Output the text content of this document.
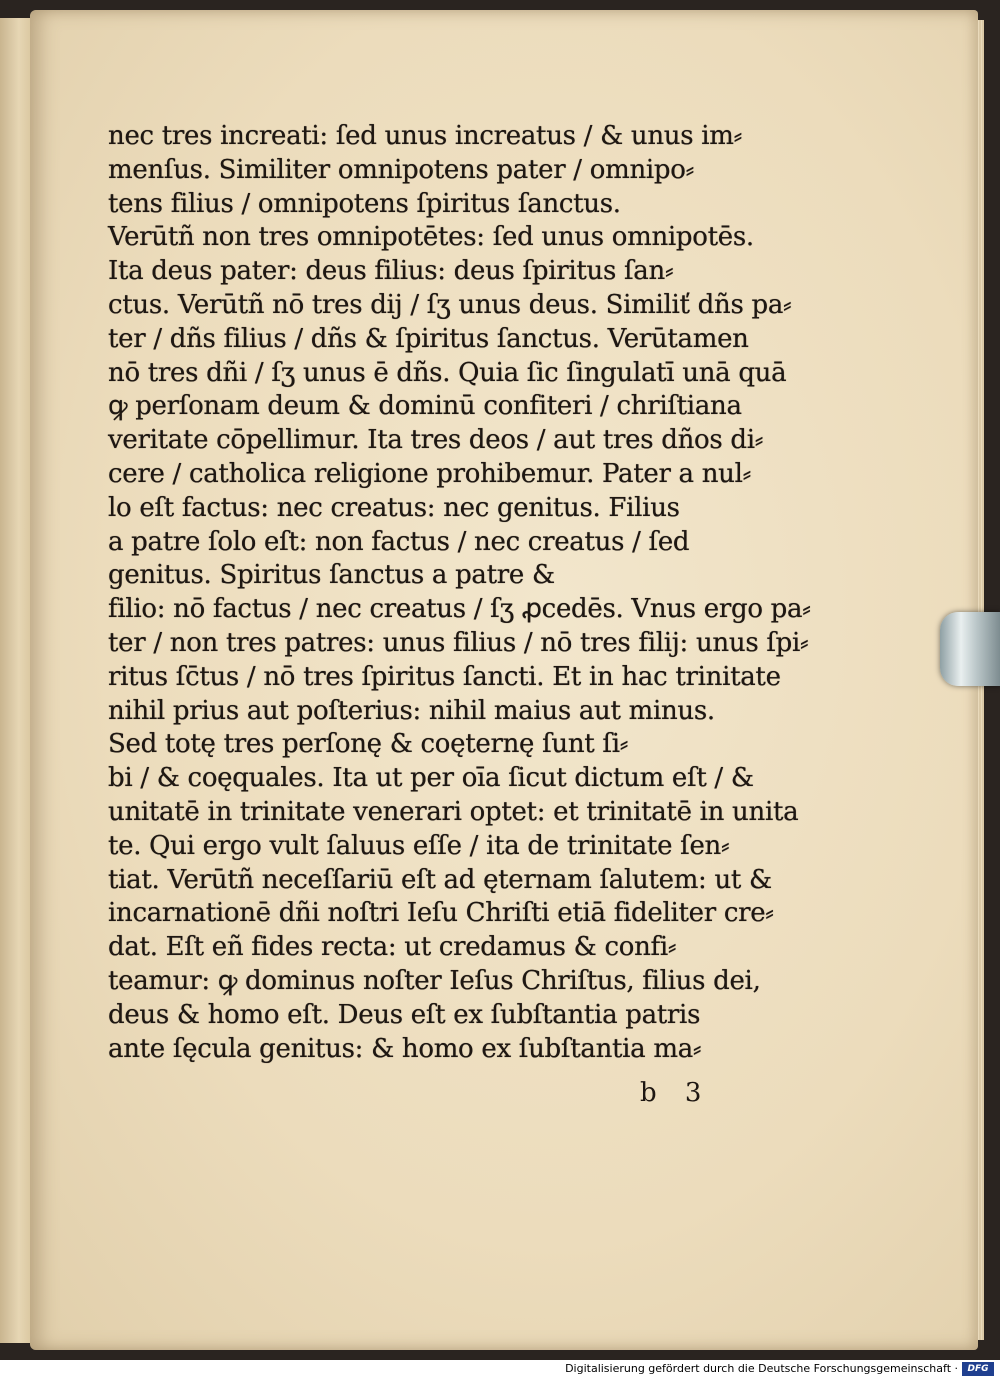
nec tres increati: ſed unus increatus / & unus im⸗
menſus. Similiter omnipotens pater / omnipo⸗
tens filius / omnipotens ſpiritus ſanctus.
Verūtñ non tres omnipotētes: ſed unus omnipotēs.
Ita deus pater: deus filius: deus ſpiritus ſan⸗
ctus. Verūtñ nō tres dij / ſʒ unus deus. Similiť dñs pa⸗
ter / dñs filius / dñs & ſpiritus ſanctus. Verūtamen
nō tres dñi / ſʒ unus ē dñs. Quia ſic ſingulatī unā quā
ꝙ perſonam deum & dominū confiteri / chriſtiana
veritate cōpellimur. Ita tres deos / aut tres dños di⸗
cere / catholica religione prohibemur. Pater a nul⸗
lo eſt factus: nec creatus: nec genitus. Filius
a patre ſolo eſt: non factus / nec creatus / ſed
genitus. Spiritus ſanctus a patre &
filio: nō factus / nec creatus / ſʒ ꝓcedēs. Vnus ergo pa⸗
ter / non tres patres: unus filius / nō tres filij: unus ſpi⸗
ritus ſc̄tus / nō tres ſpiritus ſancti. Et in hac trinitate
nihil prius aut poſterius: nihil maius aut minus.
Sed totę tres perſonę & coęternę ſunt ſi⸗
bi / & coęquales. Ita ut per oīa ſicut dictum eſt / &
unitatē in trinitate venerari optet: et trinitatē in unita
te. Qui ergo vult ſaluus eſſe / ita de trinitate ſen⸗
tiat. Verūtñ neceſſariū eſt ad ęternam ſalutem: ut &
incarnationē dñi noſtri Ieſu Chriſti etiā fideliter cre⸗
dat. Eſt eñ fides recta: ut credamus & confi⸗
teamur: ꝙ dominus noſter Ieſus Chriſtus, filius dei,
deus & homo eſt. Deus eſt ex ſubſtantia patris
ante ſęcula genitus: & homo ex ſubſtantia ma⸗
b 3
Digitalisierung gefördert durch die Deutsche Forschungsgemeinschaft ·	DFG
